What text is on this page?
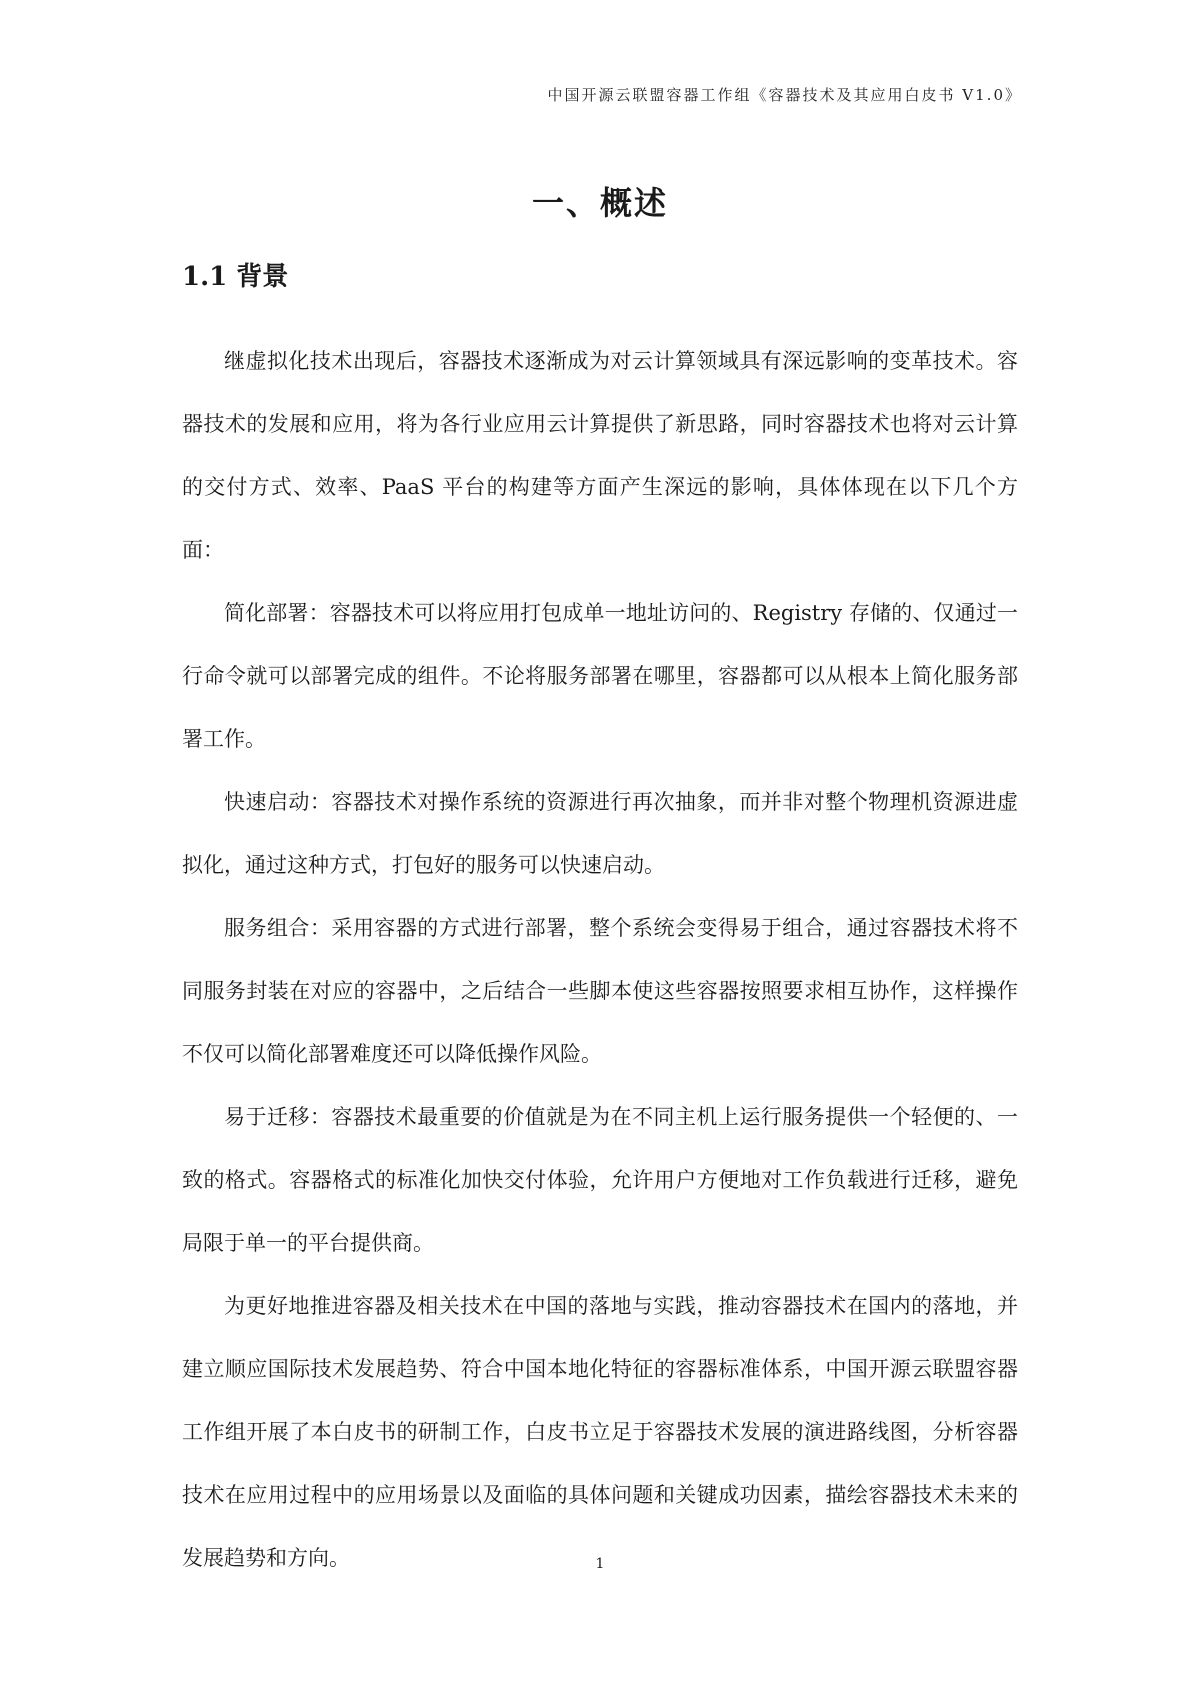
中国开源云联盟容器工作组《容器技术及其应用白皮书 V1.0》
一、概述
1.1 背景

继虚拟化技术出现后，容器技术逐渐成为对云计算领域具有深远影响的变革技术。容器技术的发展和应用，将为各行业应用云计算提供了新思路，同时容器技术也将对云计算的交付方式、效率、PaaS 平台的构建等方面产生深远的影响，具体体现在以下几个方面：

简化部署：容器技术可以将应用打包成单一地址访问的、Registry 存储的、仅通过一行命令就可以部署完成的组件。不论将服务部署在哪里，容器都可以从根本上简化服务部署工作。

快速启动：容器技术对操作系统的资源进行再次抽象，而并非对整个物理机资源进虚拟化，通过这种方式，打包好的服务可以快速启动。

服务组合：采用容器的方式进行部署，整个系统会变得易于组合，通过容器技术将不同服务封装在对应的容器中，之后结合一些脚本使这些容器按照要求相互协作，这样操作不仅可以简化部署难度还可以降低操作风险。

易于迁移：容器技术最重要的价值就是为在不同主机上运行服务提供一个轻便的、一致的格式。容器格式的标准化加快交付体验，允许用户方便地对工作负载进行迁移，避免局限于单一的平台提供商。

为更好地推进容器及相关技术在中国的落地与实践，推动容器技术在国内的落地，并建立顺应国际技术发展趋势、符合中国本地化特征的容器标准体系，中国开源云联盟容器工作组开展了本白皮书的研制工作，白皮书立足于容器技术发展的演进路线图，分析容器技术在应用过程中的应用场景以及面临的具体问题和关键成功因素，描绘容器技术未来的发展趋势和方向。	1
